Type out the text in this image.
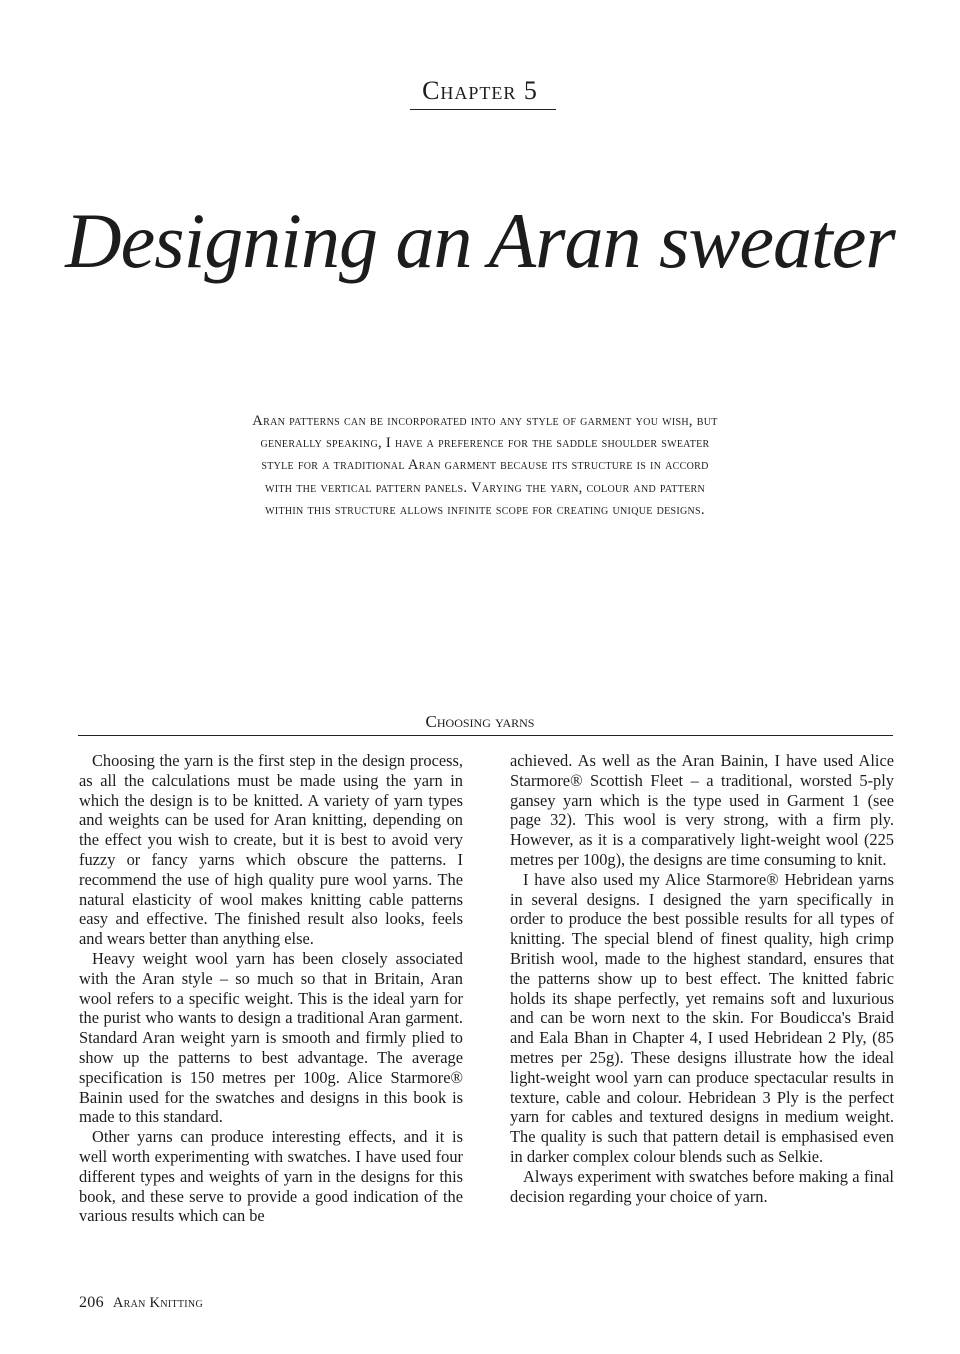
Chapter 5
Designing an Aran sweater
Aran patterns can be incorporated into any style of garment you wish, but generally speaking, I have a preference for the saddle shoulder sweater style for a traditional Aran garment because its structure is in accord with the vertical pattern panels. Varying the yarn, colour and pattern within this structure allows infinite scope for creating unique designs.
Choosing yarns

Choosing the yarn is the first step in the design process, as all the calculations must be made using the yarn in which the design is to be knitted. A variety of yarn types and weights can be used for Aran knitting, depending on the effect you wish to create, but it is best to avoid very fuzzy or fancy yarns which obscure the patterns. I recommend the use of high quality pure wool yarns. The natural elasticity of wool makes knitting cable patterns easy and effective. The finished result also looks, feels and wears better than anything else.

Heavy weight wool yarn has been closely associated with the Aran style – so much so that in Britain, Aran wool refers to a specific weight. This is the ideal yarn for the purist who wants to design a traditional Aran garment. Standard Aran weight yarn is smooth and firmly plied to show up the patterns to best advantage. The average specification is 150 metres per 100g. Alice Starmore® Bainin used for the swatches and designs in this book is made to this standard.

Other yarns can produce interesting effects, and it is well worth experimenting with swatches. I have used four different types and weights of yarn in the designs for this book, and these serve to provide a good indication of the various results which can be

achieved. As well as the Aran Bainin, I have used Alice Starmore® Scottish Fleet – a traditional, worsted 5-ply gansey yarn which is the type used in Garment 1 (see page 32). This wool is very strong, with a firm ply. However, as it is a comparatively light-weight wool (225 metres per 100g), the designs are time consuming to knit.

I have also used my Alice Starmore® Hebridean yarns in several designs. I designed the yarn specifically in order to produce the best possible results for all types of knitting. The special blend of finest quality, high crimp British wool, made to the highest standard, ensures that the patterns show up to best effect. The knitted fabric holds its shape perfectly, yet remains soft and luxurious and can be worn next to the skin. For Boudicca's Braid and Eala Bhan in Chapter 4, I used Hebridean 2 Ply, (85 metres per 25g). These designs illustrate how the ideal light-weight wool yarn can produce spectacular results in texture, cable and colour. Hebridean 3 Ply is the perfect yarn for cables and textured designs in medium weight. The quality is such that pattern detail is emphasised even in darker complex colour blends such as Selkie.

Always experiment with swatches before making a final decision regarding your choice of yarn.

206 Aran Knitting
